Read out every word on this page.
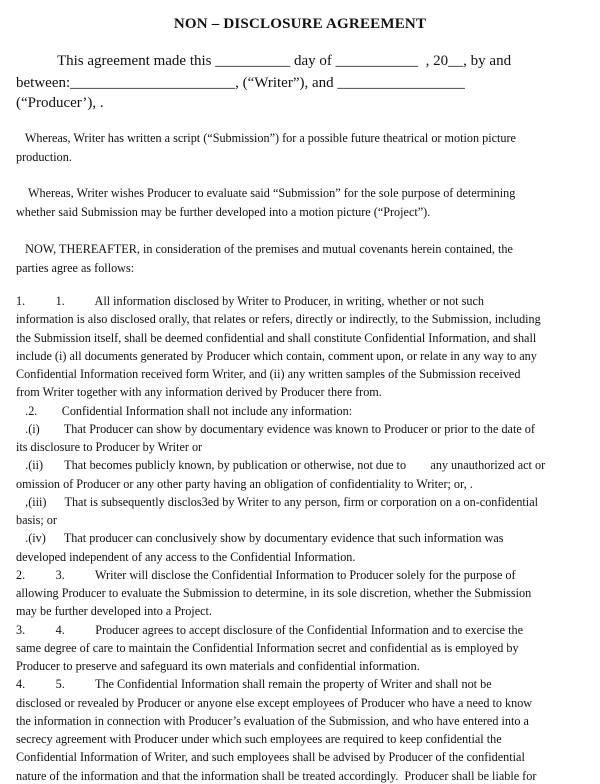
NON – DISCLOSURE AGREEMENT
This agreement made this __________ day of ___________  , 20__, by and
between:______________________, (“Writer”), and _________________
(“Producer’), .
Whereas, Writer has written a script (“Submission”) for a possible future theatrical or motion picture
production.
Whereas, Writer wishes Producer to evaluate said “Submission” for the sole purpose of determining
whether said Submission may be further developed into a motion picture (“Project”).
NOW, THEREAFTER, in consideration of the premises and mutual covenants herein contained, the
parties agree as follows:
1.          1.          All information disclosed by Writer to Producer, in writing, whether or not such
information is also disclosed orally, that relates or refers, directly or indirectly, to the Submission, including
the Submission itself, shall be deemed confidential and shall constitute Confidential Information, and shall
include (i) all documents generated by Producer which contain, comment upon, or relate in any way to any
Confidential Information received form Writer, and (ii) any written samples of the Submission received
from Writer together with any information derived by Producer there from.
.2.        Confidential Information shall not include any information:
.(i)        That Producer can show by documentary evidence was known to Producer or prior to the date of
its disclosure to Producer by Writer or
.(ii)       That becomes publicly known, by publication or otherwise, not due to        any unauthorized act or
omission of Producer or any other party having an obligation of confidentiality to Writer; or, .
,(iii)      That is subsequently disclos3ed by Writer to any person, firm or corporation on a on-confidential
basis; or
.(iv)      That producer can conclusively show by documentary evidence that such information was
developed independent of any access to the Confidential Information.
2.          3.          Writer will disclose the Confidential Information to Producer solely for the purpose of
allowing Producer to evaluate the Submission to determine, in its sole discretion, whether the Submission
may be further developed into a Project.
3.          4.          Producer agrees to accept disclosure of the Confidential Information and to exercise the
same degree of care to maintain the Confidential Information secret and confidential as is employed by
Producer to preserve and safeguard its own materials and confidential information.
4.          5.          The Confidential Information shall remain the property of Writer and shall not be
disclosed or revealed by Producer or anyone else except employees of Producer who have a need to know
the information in connection with Producer’s evaluation of the Submission, and who have entered into a
secrecy agreement with Producer under which such employees are required to keep confidential the
Confidential Information of Writer, and such employees shall be advised by Producer of the confidential
nature of the information and that the information shall be treated accordingly.  Producer shall be liable for
